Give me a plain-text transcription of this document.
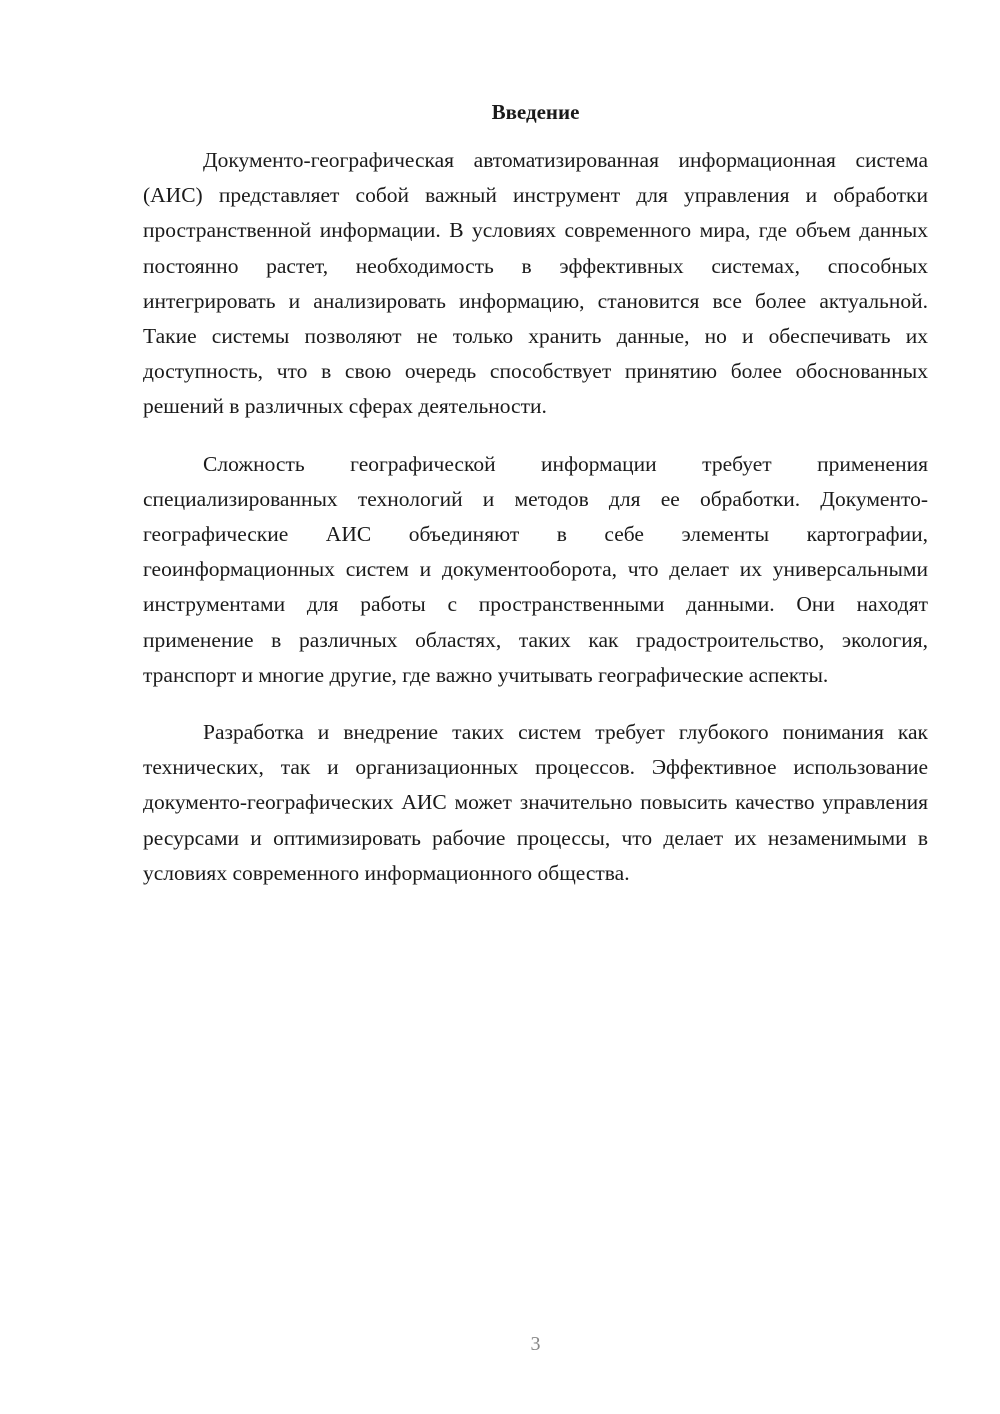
Введение

Документо-географическая автоматизированная информационная система (АИС) представляет собой важный инструмент для управления и обработки пространственной информации. В условиях современного мира, где объем данных постоянно растет, необходимость в эффективных системах, способных интегрировать и анализировать информацию, становится все более актуальной. Такие системы позволяют не только хранить данные, но и обеспечивать их доступность, что в свою очередь способствует принятию более обоснованных решений в различных сферах деятельности.

Сложность географической информации требует применения специализированных технологий и методов для ее обработки. Документо-географические АИС объединяют в себе элементы картографии, геоинформационных систем и документооборота, что делает их универсальными инструментами для работы с пространственными данными. Они находят применение в различных областях, таких как градостроительство, экология, транспорт и многие другие, где важно учитывать географические аспекты.

Разработка и внедрение таких систем требует глубокого понимания как технических, так и организационных процессов. Эффективное использование документо-географических АИС может значительно повысить качество управления ресурсами и оптимизировать рабочие процессы, что делает их незаменимыми в условиях современного информационного общества.

3
